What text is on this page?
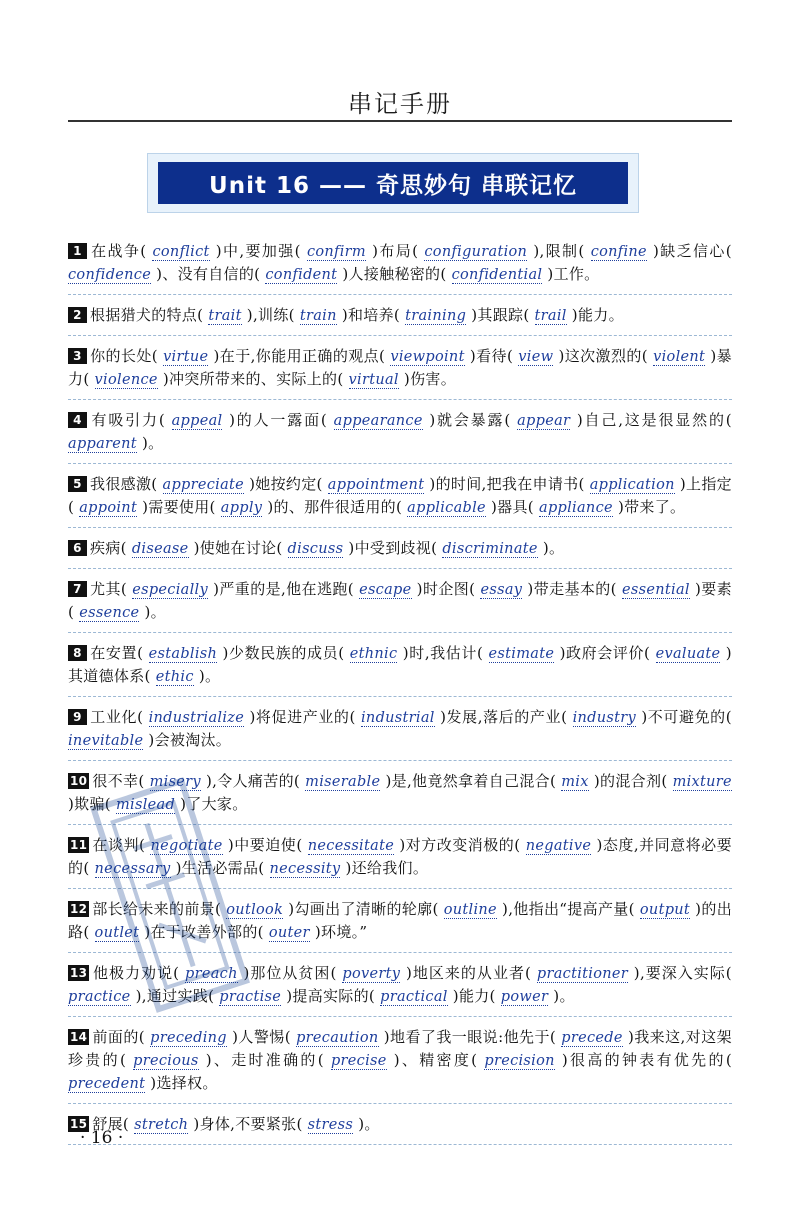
串记手册
Unit 16 —— 奇思妙句 串联记忆
1 在战争( conflict )中,要加强( confirm )布局( configuration ),限制( confine )缺乏信心( confidence )、没有自信的( confident )人接触秘密的( confidential )工作。
2 根据猎犬的特点( trait ),训练( train )和培养( training )其跟踪( trail )能力。
3 你的长处( virtue )在于,你能用正确的观点( viewpoint )看待( view )这次激烈的( violent )暴力( violence )冲突所带来的、实际上的( virtual )伤害。
4 有吸引力( appeal )的人一露面( appearance )就会暴露( appear )自己,这是很显然的( apparent )。
5 我很感激( appreciate )她按约定( appointment )的时间,把我在申请书( application )上指定( appoint )需要使用( apply )的、那件很适用的( applicable )器具( appliance )带来了。
6 疾病( disease )使她在讨论( discuss )中受到歧视( discriminate )。
7 尤其( especially )严重的是,他在逃跑( escape )时企图( essay )带走基本的( essential )要素( essence )。
8 在安置( establish )少数民族的成员( ethnic )时,我估计( estimate )政府会评价( evaluate )其道德体系( ethic )。
9 工业化( industrialize )将促进产业的( industrial )发展,落后的产业( industry )不可避免的( inevitable )会被淘汰。
10 很不幸( misery ),令人痛苦的( miserable )是,他竟然拿着自己混合( mix )的混合剂( mixture )欺骗( mislead )了大家。
11 在谈判( negotiate )中要迫使( necessitate )对方改变消极的( negative )态度,并同意将必要的( necessary )生活必需品( necessity )还给我们。
12 部长给未来的前景( outlook )勾画出了清晰的轮廓( outline ),他指出“提高产量( output )的出路( outlet )在于改善外部的( outer )环境。”
13 他极力劝说( preach )那位从贫困( poverty )地区来的从业者( practitioner ),要深入实际( practice ),通过实践( practise )提高实际的( practical )能力( power )。
14 前面的( preceding )人警惕( precaution )地看了我一眼说:他先于( precede )我来这,对这架珍贵的( precious )、走时准确的( precise )、精密度( precision )很高的钟表有优先的( precedent )选择权。
15 舒展( stretch )身体,不要紧张( stress )。
· 16 ·
